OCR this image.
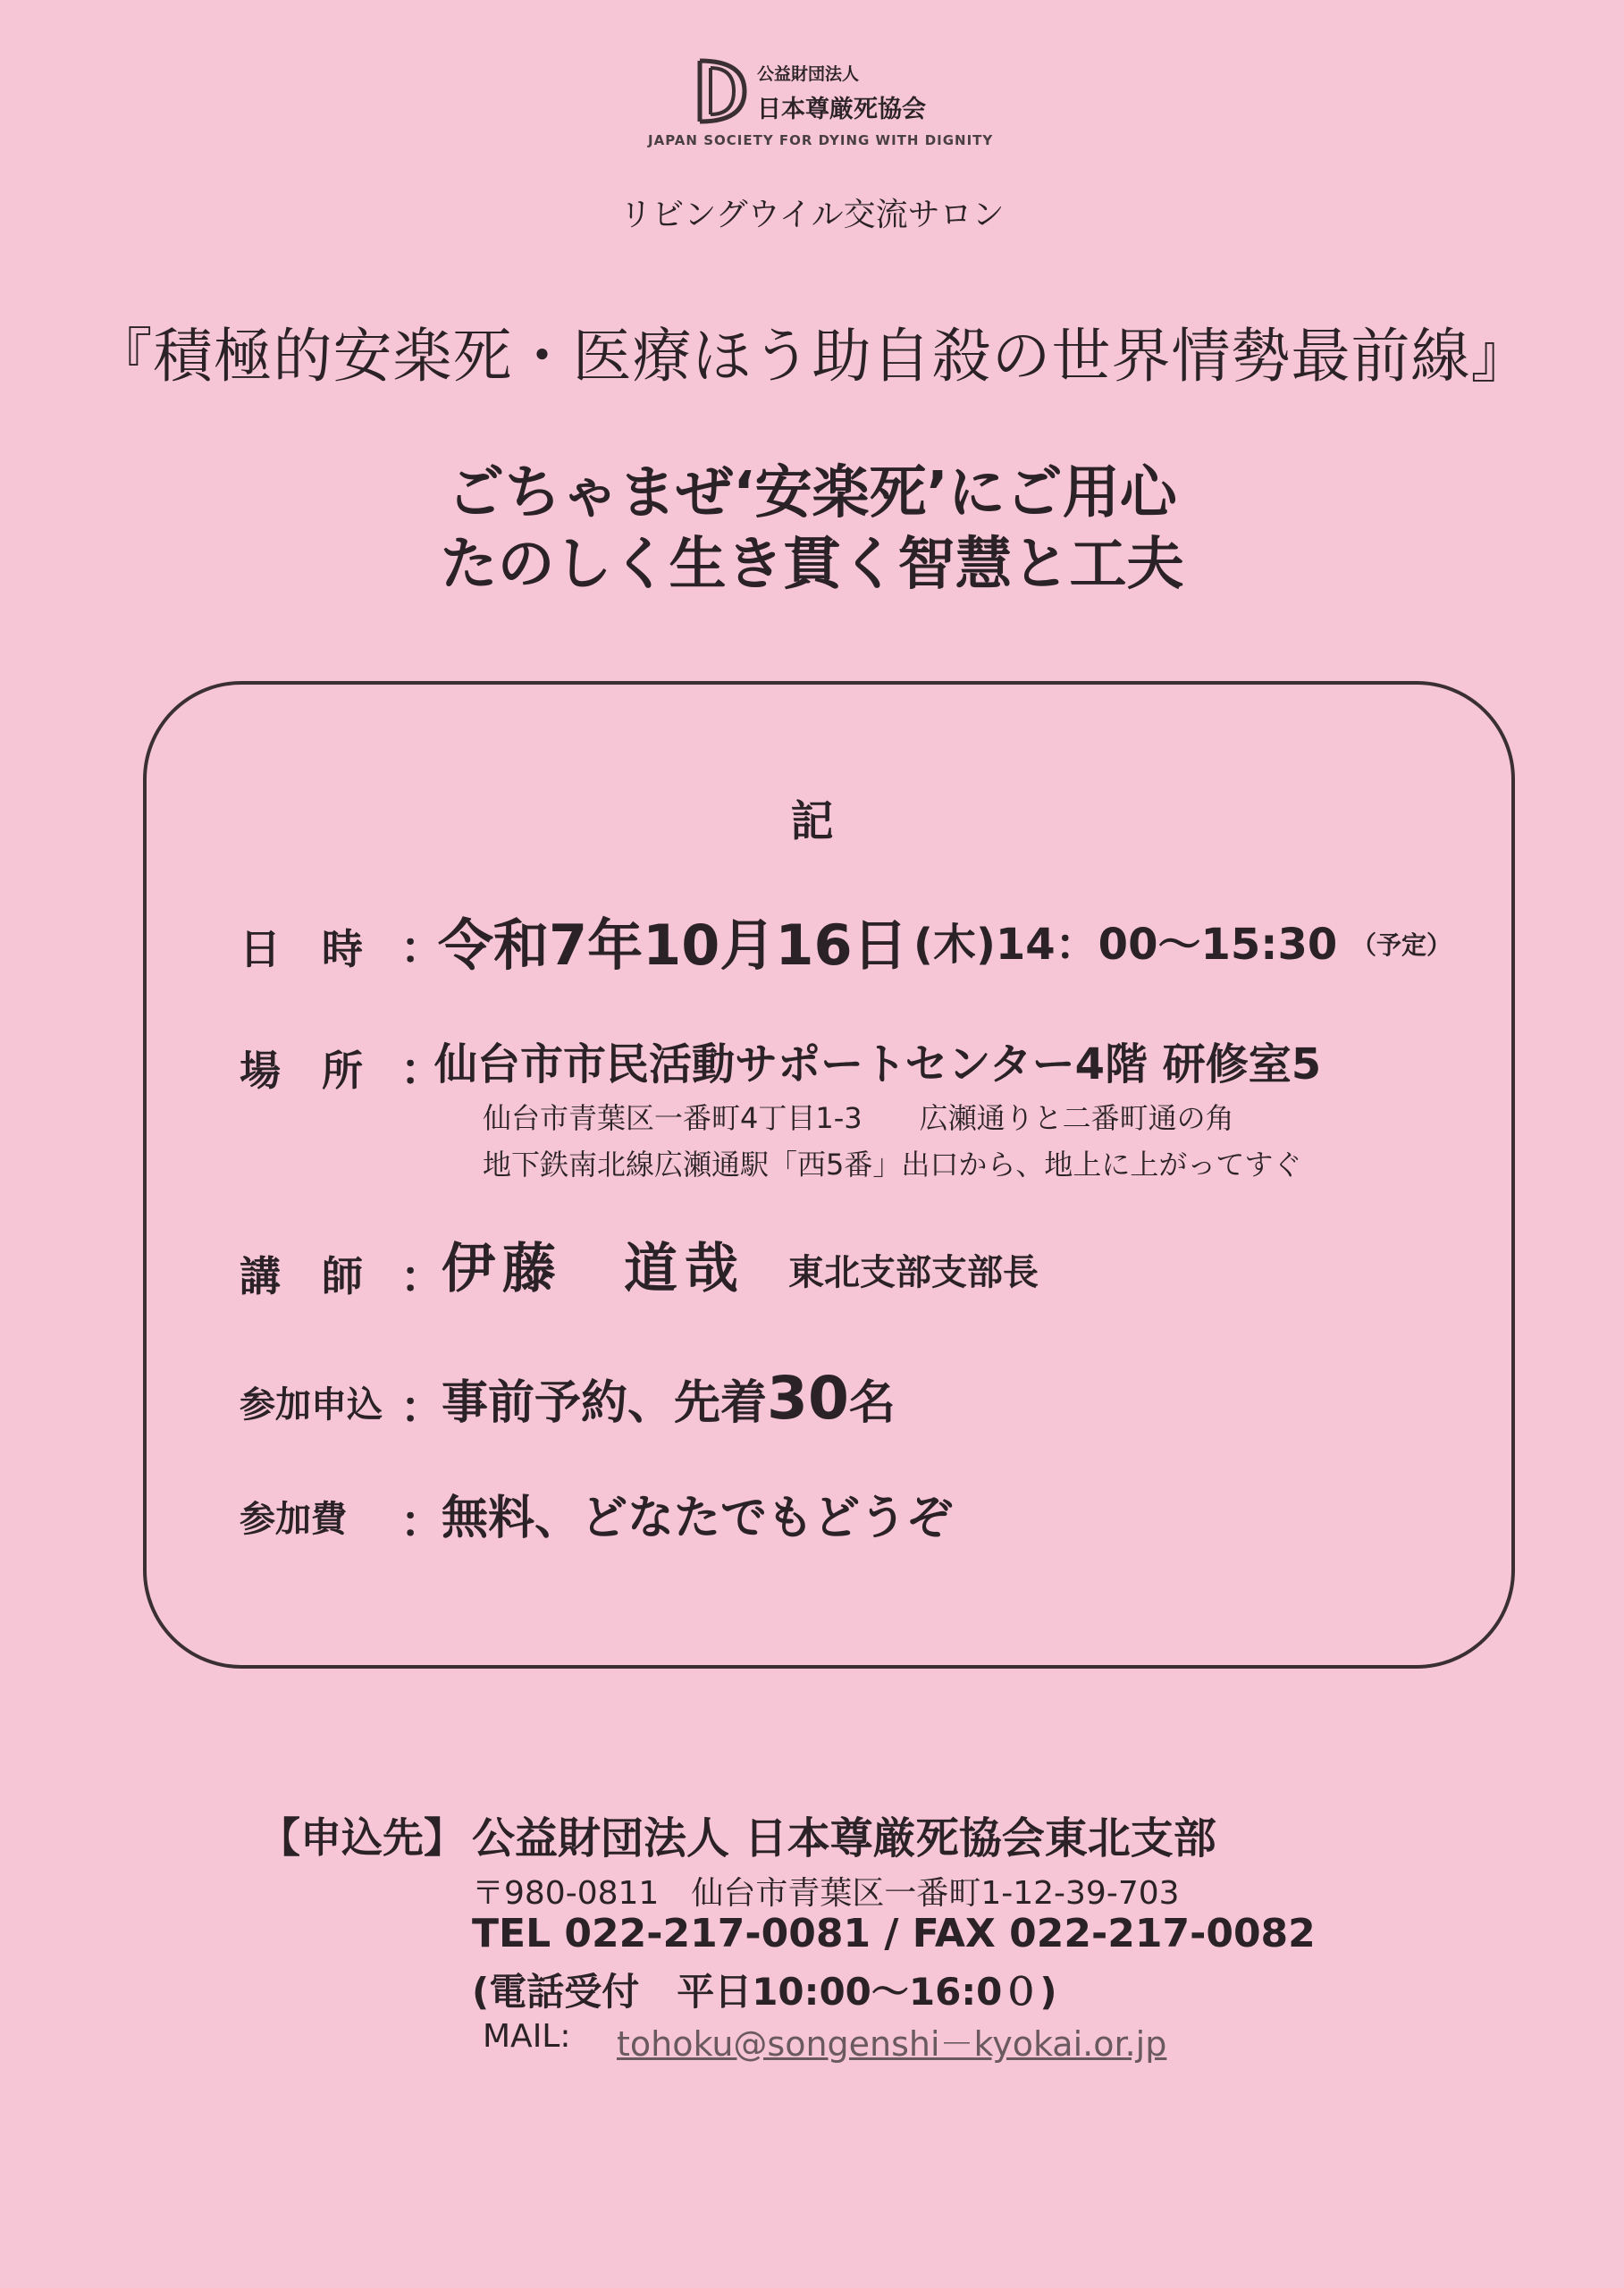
公益財団法人
日本尊厳死協会
JAPAN SOCIETY FOR DYING WITH DIGNITY
リビングウイル交流サロン
『積極的安楽死・医療ほう助自殺の世界情勢最前線』
ごちゃまぜ‘安楽死’にご用心
たのしく生き貫く智慧と工夫
記
日　時 ：
令和7年10月16日 (木)14：00～15:30 （予定）
場　所 ：
仙台市市民活動サポートセンター4階 研修室5
仙台市青葉区一番町4丁目1-3　　広瀬通りと二番町通の角
地下鉄南北線広瀬通駅「西5番」出口から、地上に上がってすぐ
講　師 ：
伊藤　道哉 東北支部支部長
参加申込 ：
事前予約、先着30名
参加費 ：
無料、どなたでもどうぞ
【申込先】 公益財団法人 日本尊厳死協会東北支部
〒980-0811　仙台市青葉区一番町1-12-39-703
TEL 022-217-0081 / FAX 022-217-0082
(電話受付　平日10:00～16:0０)
MAIL: tohoku@songenshi－kyokai.or.jp
